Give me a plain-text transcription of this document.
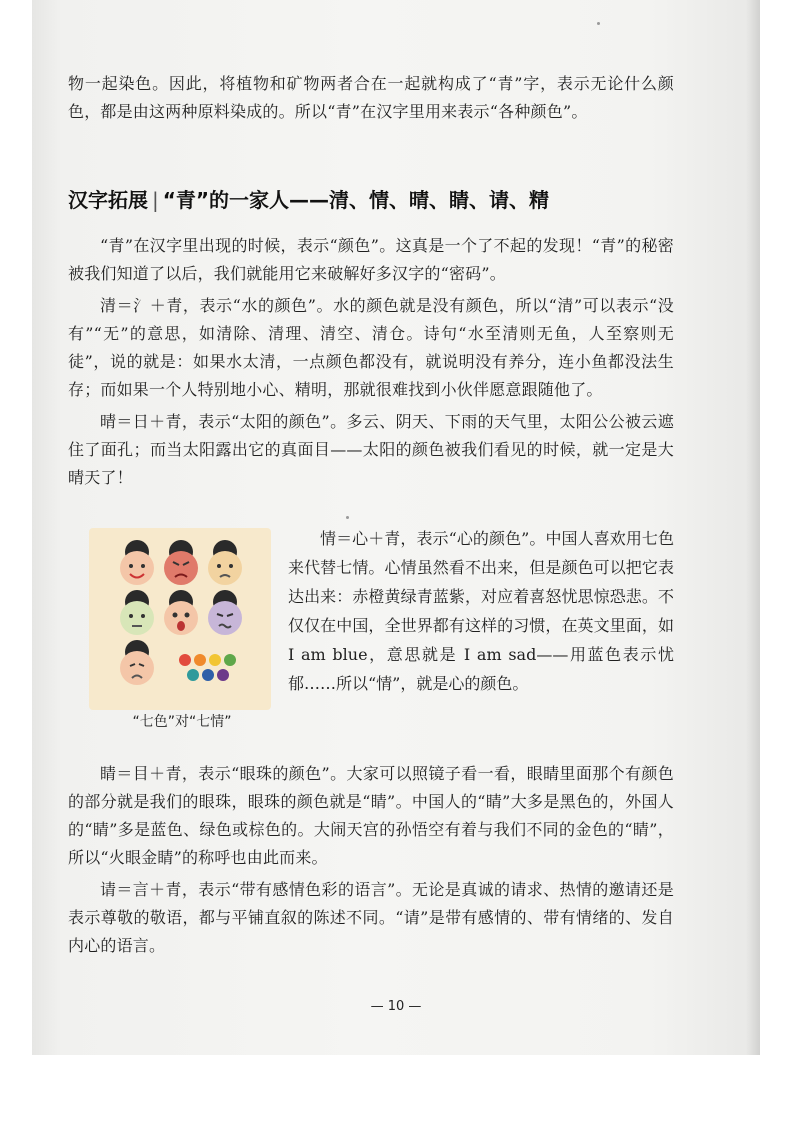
物一起染色。因此，将植物和矿物两者合在一起就构成了“青”字，表示无论什么颜色，都是由这两种原料染成的。所以“青”在汉字里用来表示“各种颜色”。

汉字拓展 | “青”的一家人——清、情、晴、睛、请、精

“青”在汉字里出现的时候，表示“颜色”。这真是一个了不起的发现！“青”的秘密被我们知道了以后，我们就能用它来破解好多汉字的“密码”。

清＝氵＋青，表示“水的颜色”。水的颜色就是没有颜色，所以“清”可以表示“没有”“无”的意思，如清除、清理、清空、清仓。诗句“水至清则无鱼，人至察则无徒”，说的就是：如果水太清，一点颜色都没有，就说明没有养分，连小鱼都没法生存；而如果一个人特别地小心、精明，那就很难找到小伙伴愿意跟随他了。

晴＝日＋青，表示“太阳的颜色”。多云、阴天、下雨的天气里，太阳公公被云遮住了面孔；而当太阳露出它的真面目——太阳的颜色被我们看见的时候，就一定是大晴天了！

“七色”对“七情”

情＝心＋青，表示“心的颜色”。中国人喜欢用七色来代替七情。心情虽然看不出来，但是颜色可以把它表达出来：赤橙黄绿青蓝紫，对应着喜怒忧思惊恐悲。不仅仅在中国，全世界都有这样的习惯，在英文里面，如 I am blue，意思就是 I am sad——用蓝色表示忧郁……所以“情”，就是心的颜色。

睛＝目＋青，表示“眼珠的颜色”。大家可以照镜子看一看，眼睛里面那个有颜色的部分就是我们的眼珠，眼珠的颜色就是“睛”。中国人的“睛”大多是黑色的，外国人的“睛”多是蓝色、绿色或棕色的。大闹天宫的孙悟空有着与我们不同的金色的“睛”，所以“火眼金睛”的称呼也由此而来。

请＝言＋青，表示“带有感情色彩的语言”。无论是真诚的请求、热情的邀请还是表示尊敬的敬语，都与平铺直叙的陈述不同。“请”是带有感情的、带有情绪的、发自内心的语言。

— 10 —
